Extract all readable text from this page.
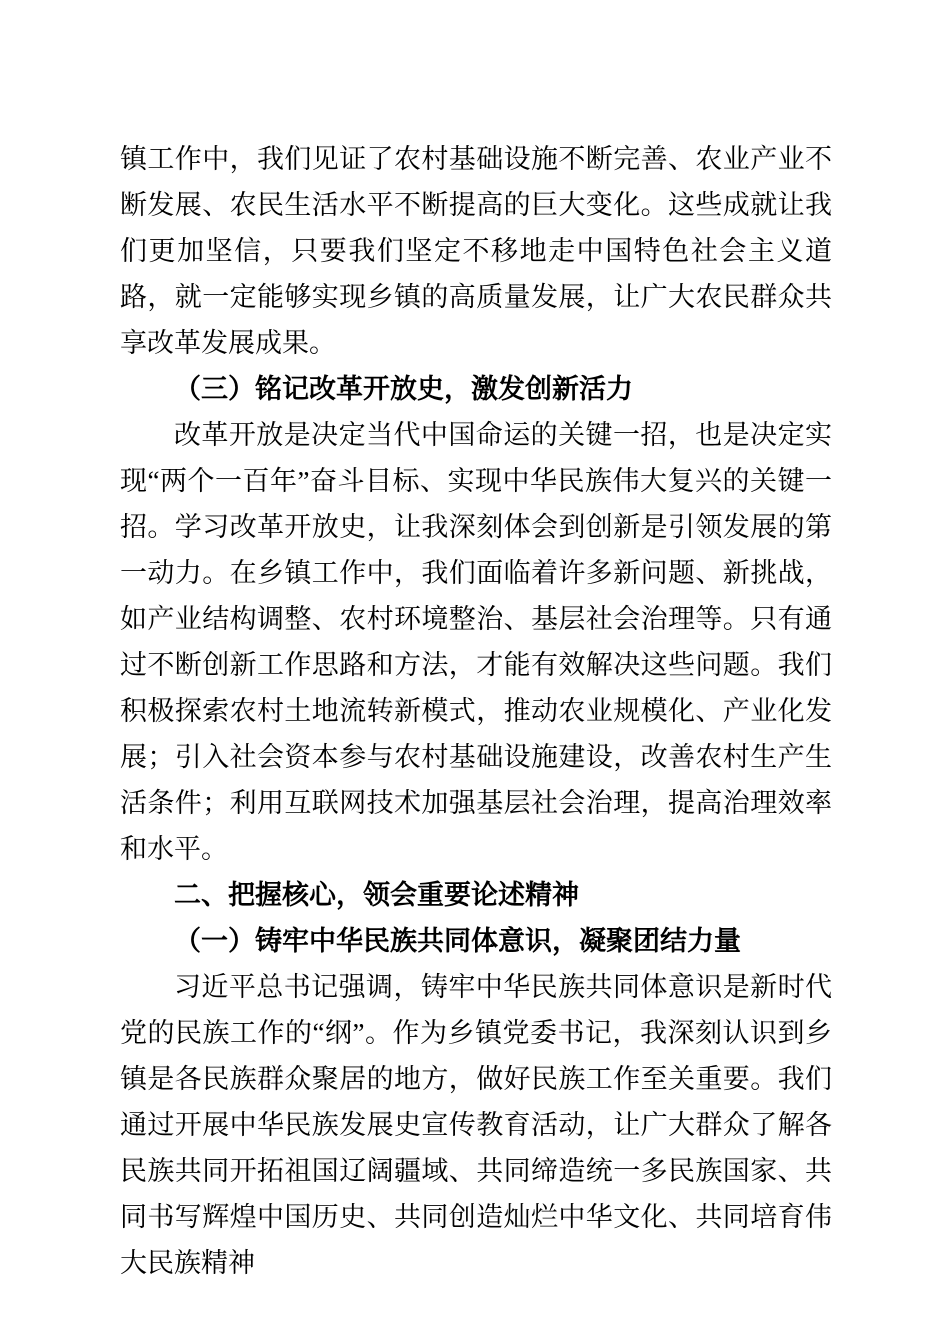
镇工作中，我们见证了农村基础设施不断完善、农业产业不断发展、农民生活水平不断提高的巨大变化。这些成就让我们更加坚信，只要我们坚定不移地走中国特色社会主义道路，就一定能够实现乡镇的高质量发展，让广大农民群众共享改革发展成果。

（三）铭记改革开放史，激发创新活力

改革开放是决定当代中国命运的关键一招，也是决定实现“两个一百年”奋斗目标、实现中华民族伟大复兴的关键一招。学习改革开放史，让我深刻体会到创新是引领发展的第一动力。在乡镇工作中，我们面临着许多新问题、新挑战，如产业结构调整、农村环境整治、基层社会治理等。只有通过不断创新工作思路和方法，才能有效解决这些问题。我们积极探索农村土地流转新模式，推动农业规模化、产业化发展；引入社会资本参与农村基础设施建设，改善农村生产生活条件；利用互联网技术加强基层社会治理，提高治理效率和水平。

二、把握核心，领会重要论述精神

（一）铸牢中华民族共同体意识，凝聚团结力量

习近平总书记强调，铸牢中华民族共同体意识是新时代党的民族工作的“纲”。作为乡镇党委书记，我深刻认识到乡镇是各民族群众聚居的地方，做好民族工作至关重要。我们通过开展中华民族发展史宣传教育活动，让广大群众了解各民族共同开拓祖国辽阔疆域、共同缔造统一多民族国家、共同书写辉煌中国历史、共同创造灿烂中华文化、共同培育伟大民族精神
